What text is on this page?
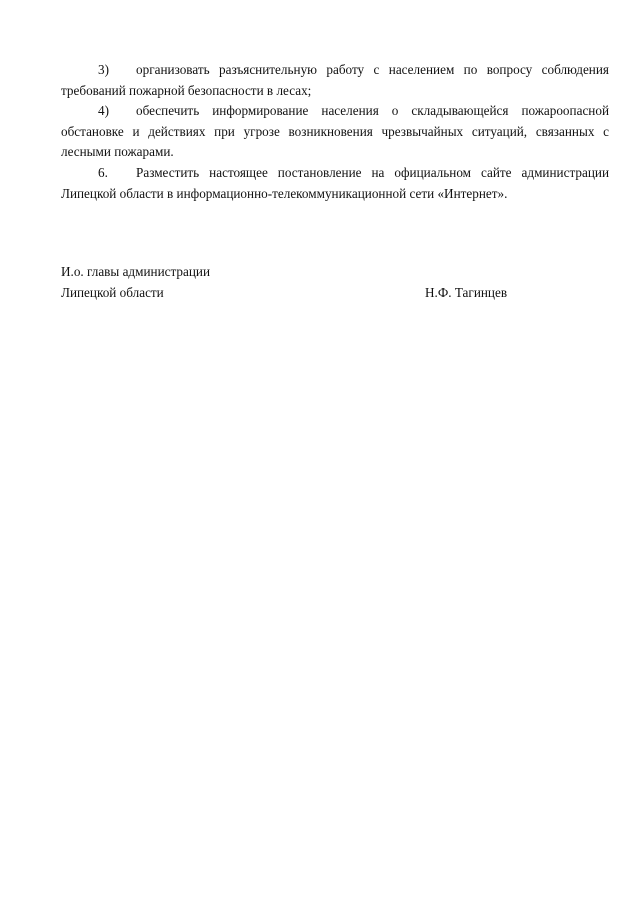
3) организовать разъяснительную работу с населением по вопросу соблюдения требований пожарной безопасности в лесах;

4) обеспечить информирование населения о складывающейся пожароопасной обстановке и действиях при угрозе возникновения чрезвычайных ситуаций, связанных с лесными пожарами.

6. Разместить настоящее постановление на официальном сайте администрации Липецкой области в информационно-телекоммуникационной сети «Интернет».

И.о. главы администрации
Липецкой области	Н.Ф. Тагинцев
